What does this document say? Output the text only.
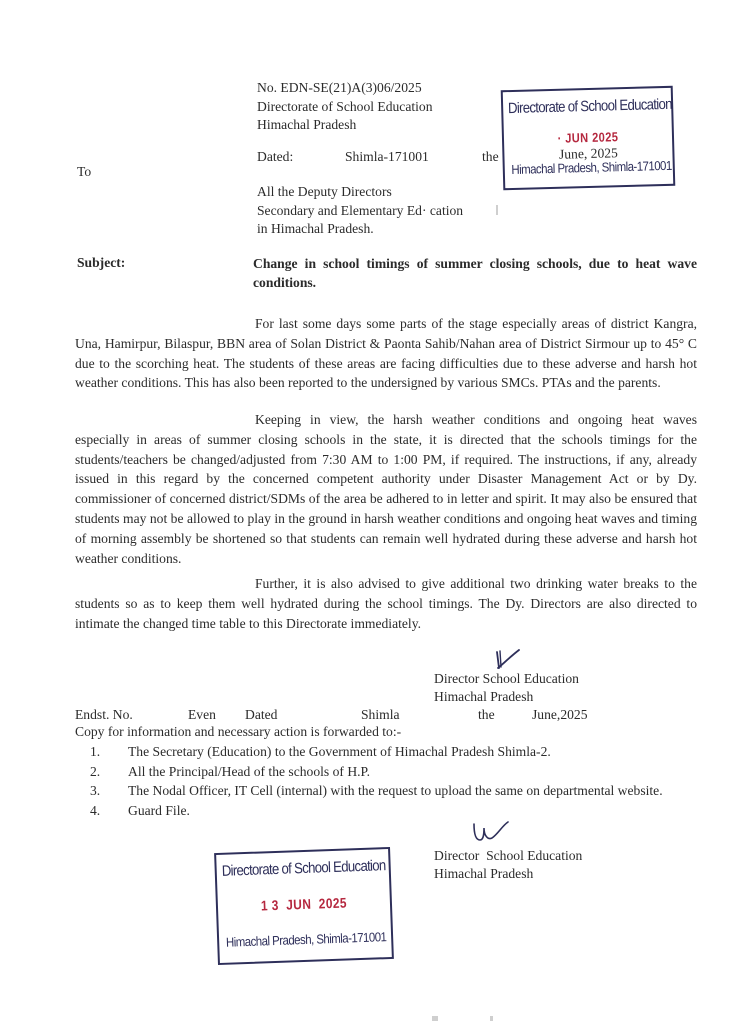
No. EDN-SE(21)A(3)06/2025
Directorate of School Education
Himachal Pradesh
Dated:	Shimla-171001	the
To
All the Deputy Directors
Secondary and Elementary Ed· cation
in Himachal Pradesh.
Directorate of School Education
· JUN 2025
June, 2025
Himachal Pradesh, Shimla-171001
Subject:	Change in school timings of summer closing schools, due to heat wave conditions.
For last some days some parts of the stage especially areas of district Kangra, Una, Hamirpur, Bilaspur, BBN area of Solan District & Paonta Sahib/Nahan area of District Sirmour up to 45° C due to the scorching heat. The students of these areas are facing difficulties due to these adverse and harsh hot weather conditions. This has also been reported to the undersigned by various SMCs. PTAs and the parents.
Keeping in view, the harsh weather conditions and ongoing heat waves especially in areas of summer closing schools in the state, it is directed that the schools timings for the students/teachers be changed/adjusted from 7:30 AM to 1:00 PM, if required. The instructions, if any, already issued in this regard by the concerned competent authority under Disaster Management Act or by Dy. commissioner of concerned district/SDMs of the area be adhered to in letter and spirit. It may also be ensured that students may not be allowed to play in the ground in harsh weather conditions and ongoing heat waves and timing of morning assembly be shortened so that students can remain well hydrated during these adverse and harsh hot weather conditions.
Further, it is also advised to give additional two drinking water breaks to the students so as to keep them well hydrated during the school timings. The Dy. Directors are also directed to intimate the changed time table to this Directorate immediately.
Director School Education
Himachal Pradesh
Endst. No.	Even Dated	Shimla	the	June,2025
Copy for information and necessary action is forwarded to:-
1. The Secretary (Education) to the Government of Himachal Pradesh Shimla-2.
2. All the Principal/Head of the schools of H.P.
3. The Nodal Officer, IT Cell (internal) with the request to upload the same on departmental website.
4. Guard File.
Director  School Education
Himachal Pradesh
Directorate of School Education
1 3  JUN  2025
Himachal Pradesh, Shimla-171001
